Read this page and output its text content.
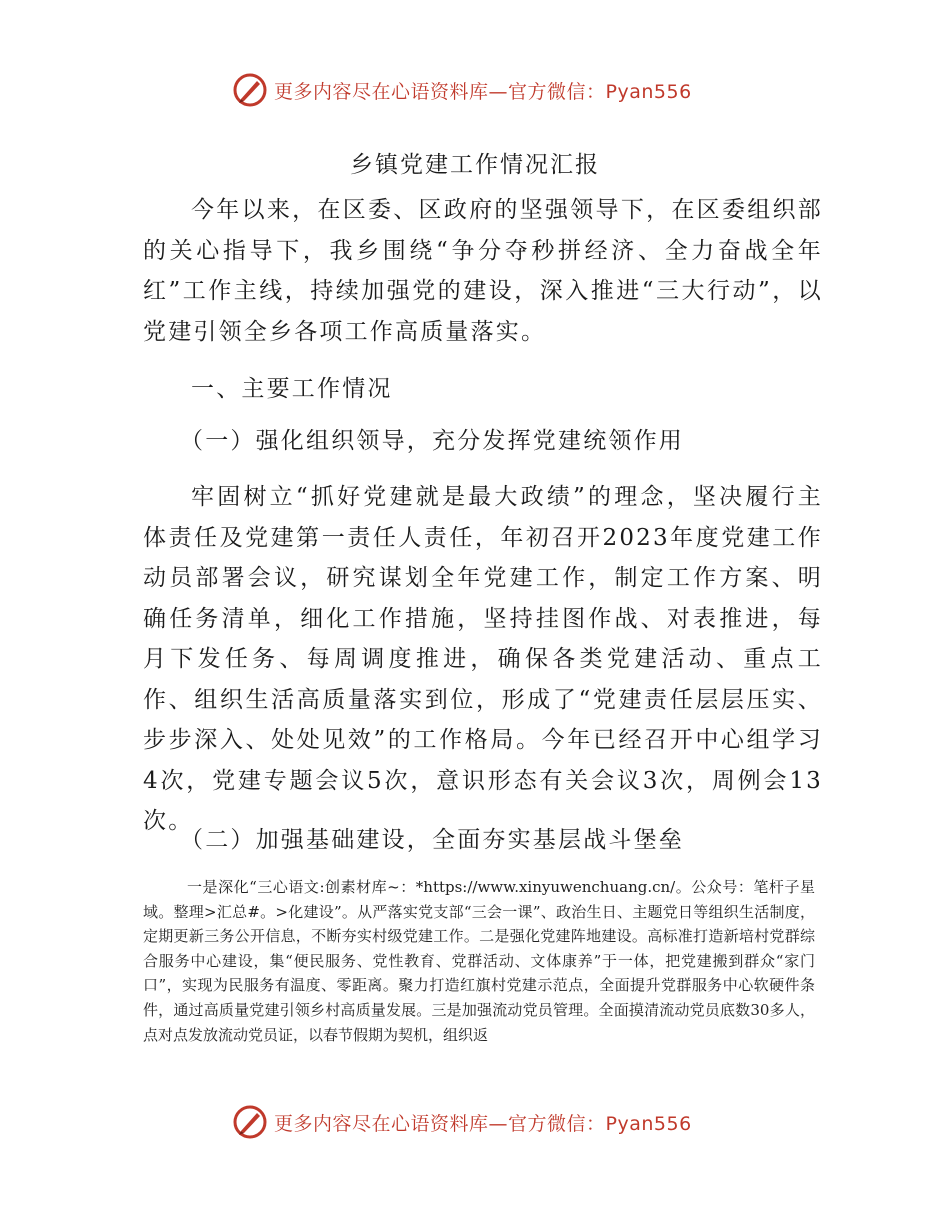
更多内容尽在心语资料库—官方微信：Pyan556
乡镇党建工作情况汇报

今年以来，在区委、区政府的坚强领导下，在区委组织部的关心指导下，我乡围绕“争分夺秒拼经济、全力奋战全年红”工作主线，持续加强党的建设，深入推进“三大行动”，以党建引领全乡各项工作高质量落实。

一、主要工作情况

（一）强化组织领导，充分发挥党建统领作用

牢固树立“抓好党建就是最大政绩”的理念，坚决履行主体责任及党建第一责任人责任，年初召开2023年度党建工作动员部署会议，研究谋划全年党建工作，制定工作方案、明确任务清单，细化工作措施，坚持挂图作战、对表推进，每月下发任务、每周调度推进，确保各类党建活动、重点工作、组织生活高质量落实到位，形成了“党建责任层层压实、步步深入、处处见效”的工作格局。今年已经召开中心组学习4次，党建专题会议5次，意识形态有关会议3次，周例会13次。

（二）加强基础建设，全面夯实基层战斗堡垒

一是深化“三心语文:创素材库~：*https://www.xinyuwenchuang.cn/。公众号：笔杆子星域。整理>汇总#。>化建设”。从严落实党支部“三会一课”、政治生日、主题党日等组织生活制度，定期更新三务公开信息，不断夯实村级党建工作。二是强化党建阵地建设。高标准打造新培村党群综合服务中心建设，集“便民服务、党性教育、党群活动、文体康养”于一体，把党建搬到群众“家门口”，实现为民服务有温度、零距离。聚力打造红旗村党建示范点，全面提升党群服务中心软硬件条件，通过高质量党建引领乡村高质量发展。三是加强流动党员管理。全面摸清流动党员底数30多人，点对点发放流动党员证，以春节假期为契机，组织返

更多内容尽在心语资料库—官方微信：Pyan556
